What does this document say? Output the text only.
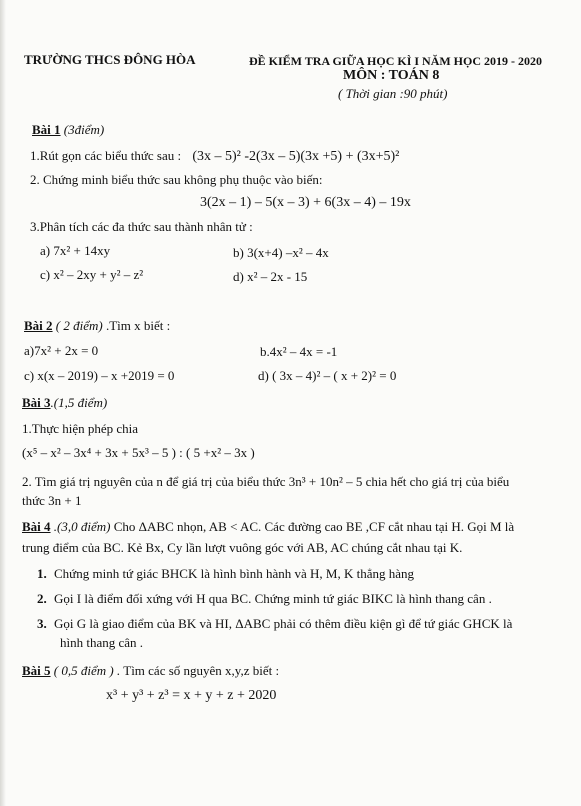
TRƯỜNG THCS ĐÔNG HÒA	ĐỀ KIỂM TRA GIỮA HỌC KÌ I NĂM HỌC 2019 - 2020
MÔN : TOÁN 8
( Thời gian :90 phút)
Bài 1 (3điểm)
1.Rút gọn các biểu thức sau : (3x – 5)² -2(3x – 5)(3x +5) + (3x+5)²
2. Chứng minh biểu thức sau không phụ thuộc vào biến:
3(2x – 1) – 5(x – 3) + 6(3x – 4) – 19x
3.Phân tích các đa thức sau thành nhân tử :
a) 7x² + 14xy	b) 3(x+4) –x² – 4x
c) x² – 2xy + y² – z²	d) x² – 2x - 15
Bài 2 ( 2 điểm) .Tìm x biết :
a)7x² + 2x = 0	b.4x² – 4x = -1
c) x(x – 2019) – x +2019 = 0	d) ( 3x – 4)² – ( x + 2)² = 0
Bài 3.(1,5 điểm)
1.Thực hiện phép chia
(x⁵ – x² – 3x⁴ + 3x + 5x³ – 5 ) : ( 5 +x² – 3x )
2. Tìm giá trị nguyên của n để giá trị của biểu thức 3n³ + 10n² – 5 chia hết cho giá trị của biểu
thức 3n + 1
Bài 4 .(3,0 điểm) Cho ΔABC nhọn, AB < AC. Các đường cao BE ,CF cắt nhau tại H. Gọi M là
trung điểm của BC. Kẻ Bx, Cy lần lượt vuông góc với AB, AC chúng cắt nhau tại K.
1. Chứng minh tứ giác BHCK là hình bình hành và H, M, K thẳng hàng
2. Gọi I là điểm đối xứng với H qua BC. Chứng minh tứ giác BIKC là hình thang cân .
3. Gọi G là giao điểm của BK và HI, ΔABC phải có thêm điều kiện gì để tứ giác GHCK là
hình thang cân .
Bài 5 ( 0,5 điểm ) . Tìm các số nguyên x,y,z biết :
x³ + y³ + z³ = x + y + z + 2020
